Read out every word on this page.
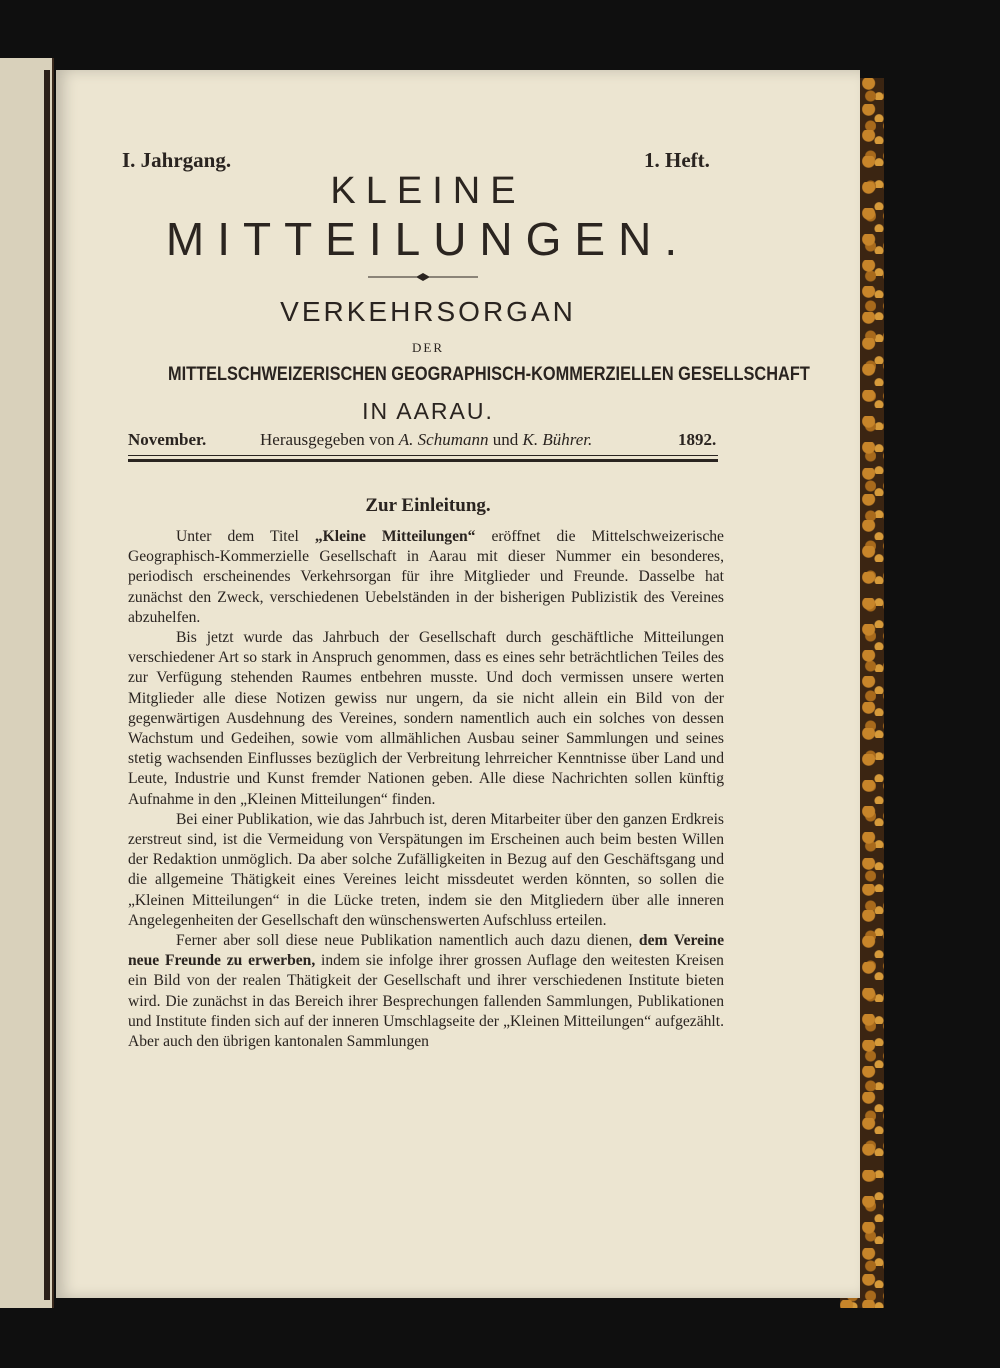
I. Jahrgang.	1. Heft.
KLEINE
MITTEILUNGEN.
VERKEHRSORGAN
DER
MITTELSCHWEIZERISCHEN GEOGRAPHISCH-KOMMERZIELLEN GESELLSCHAFT
IN AARAU.
November.	Herausgegeben von A. Schumann und K. Bührer.	1892.
Zur Einleitung.

Unter dem Titel „Kleine Mitteilungen“ eröffnet die Mittelschweizerische Geographisch-Kommerzielle Gesellschaft in Aarau mit dieser Nummer ein besonderes, periodisch erscheinendes Verkehrsorgan für ihre Mitglieder und Freunde. Dasselbe hat zunächst den Zweck, verschiedenen Uebelständen in der bisherigen Publizistik des Vereines abzuhelfen.

Bis jetzt wurde das Jahrbuch der Gesellschaft durch geschäftliche Mitteilungen verschiedener Art so stark in Anspruch genommen, dass es eines sehr beträchtlichen Teiles des zur Verfügung stehenden Raumes entbehren musste. Und doch vermissen unsere werten Mitglieder alle diese Notizen gewiss nur ungern, da sie nicht allein ein Bild von der gegenwärtigen Ausdehnung des Vereines, sondern namentlich auch ein solches von dessen Wachstum und Gedeihen, sowie vom allmählichen Ausbau seiner Sammlungen und seines stetig wachsenden Einflusses bezüglich der Verbreitung lehrreicher Kenntnisse über Land und Leute, Industrie und Kunst fremder Nationen geben. Alle diese Nachrichten sollen künftig Aufnahme in den „Kleinen Mitteilungen“ finden.

Bei einer Publikation, wie das Jahrbuch ist, deren Mitarbeiter über den ganzen Erdkreis zerstreut sind, ist die Vermeidung von Verspätungen im Erscheinen auch beim besten Willen der Redaktion unmöglich. Da aber solche Zufälligkeiten in Bezug auf den Geschäftsgang und die allgemeine Thätigkeit eines Vereines leicht missdeutet werden könnten, so sollen die „Kleinen Mitteilungen“ in die Lücke treten, indem sie den Mitgliedern über alle inneren Angelegenheiten der Gesellschaft den wünschenswerten Aufschluss erteilen.

Ferner aber soll diese neue Publikation namentlich auch dazu dienen, dem Vereine neue Freunde zu erwerben, indem sie infolge ihrer grossen Auflage den weitesten Kreisen ein Bild von der realen Thätigkeit der Gesellschaft und ihrer verschiedenen Institute bieten wird. Die zunächst in das Bereich ihrer Besprechungen fallenden Sammlungen, Publikationen und Institute finden sich auf der inneren Umschlagseite der „Kleinen Mitteilungen“ aufgezählt. Aber auch den übrigen kantonalen Sammlungen
